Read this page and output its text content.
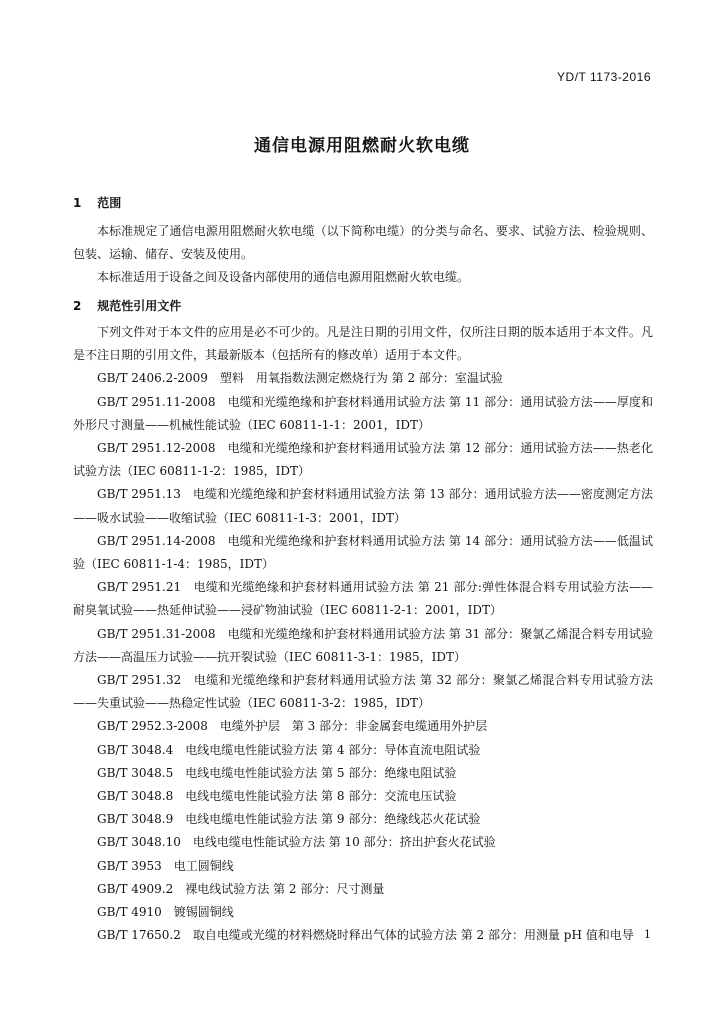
YD/T 1173-2016
通信电源用阻燃耐火软电缆
1 范围

本标准规定了通信电源用阻燃耐火软电缆（以下简称电缆）的分类与命名、要求、试验方法、检验规则、包装、运输、储存、安装及使用。

本标准适用于设备之间及设备内部使用的通信电源用阻燃耐火软电缆。

2 规范性引用文件

下列文件对于本文件的应用是必不可少的。凡是注日期的引用文件，仅所注日期的版本适用于本文件。凡是不注日期的引用文件，其最新版本（包括所有的修改单）适用于本文件。

GB/T 2406.2-2009　塑料　用氧指数法测定燃烧行为 第 2 部分：室温试验

GB/T 2951.11-2008　电缆和光缆绝缘和护套材料通用试验方法 第 11 部分：通用试验方法——厚度和外形尺寸测量——机械性能试验（IEC 60811-1-1：2001，IDT）

GB/T 2951.12-2008　电缆和光缆绝缘和护套材料通用试验方法 第 12 部分：通用试验方法——热老化试验方法（IEC 60811-1-2：1985，IDT）

GB/T 2951.13　电缆和光缆绝缘和护套材料通用试验方法 第 13 部分：通用试验方法——密度测定方法——吸水试验——收缩试验（IEC 60811-1-3：2001，IDT）

GB/T 2951.14-2008　电缆和光缆绝缘和护套材料通用试验方法 第 14 部分：通用试验方法——低温试验（IEC 60811-1-4：1985，IDT）

GB/T 2951.21　电缆和光缆绝缘和护套材料通用试验方法 第 21 部分:弹性体混合料专用试验方法——耐臭氧试验——热延伸试验——浸矿物油试验（IEC 60811-2-1：2001，IDT）

GB/T 2951.31-2008　电缆和光缆绝缘和护套材料通用试验方法 第 31 部分：聚氯乙烯混合料专用试验方法——高温压力试验——抗开裂试验（IEC 60811-3-1：1985，IDT）

GB/T 2951.32　电缆和光缆绝缘和护套材料通用试验方法 第 32 部分：聚氯乙烯混合料专用试验方法——失重试验——热稳定性试验（IEC 60811-3-2：1985，IDT）

GB/T 2952.3-2008　电缆外护层　第 3 部分：非金属套电缆通用外护层

GB/T 3048.4　电线电缆电性能试验方法 第 4 部分：导体直流电阻试验

GB/T 3048.5　电线电缆电性能试验方法 第 5 部分：绝缘电阻试验

GB/T 3048.8　电线电缆电性能试验方法 第 8 部分：交流电压试验

GB/T 3048.9　电线电缆电性能试验方法 第 9 部分：绝缘线芯火花试验

GB/T 3048.10　电线电缆电性能试验方法 第 10 部分：挤出护套火花试验

GB/T 3953　电工圆铜线

GB/T 4909.2　裸电线试验方法 第 2 部分：尺寸测量

GB/T 4910　镀锡圆铜线

GB/T 17650.2　取自电缆或光缆的材料燃烧时释出气体的试验方法 第 2 部分：用测量 pH 值和电导 1
